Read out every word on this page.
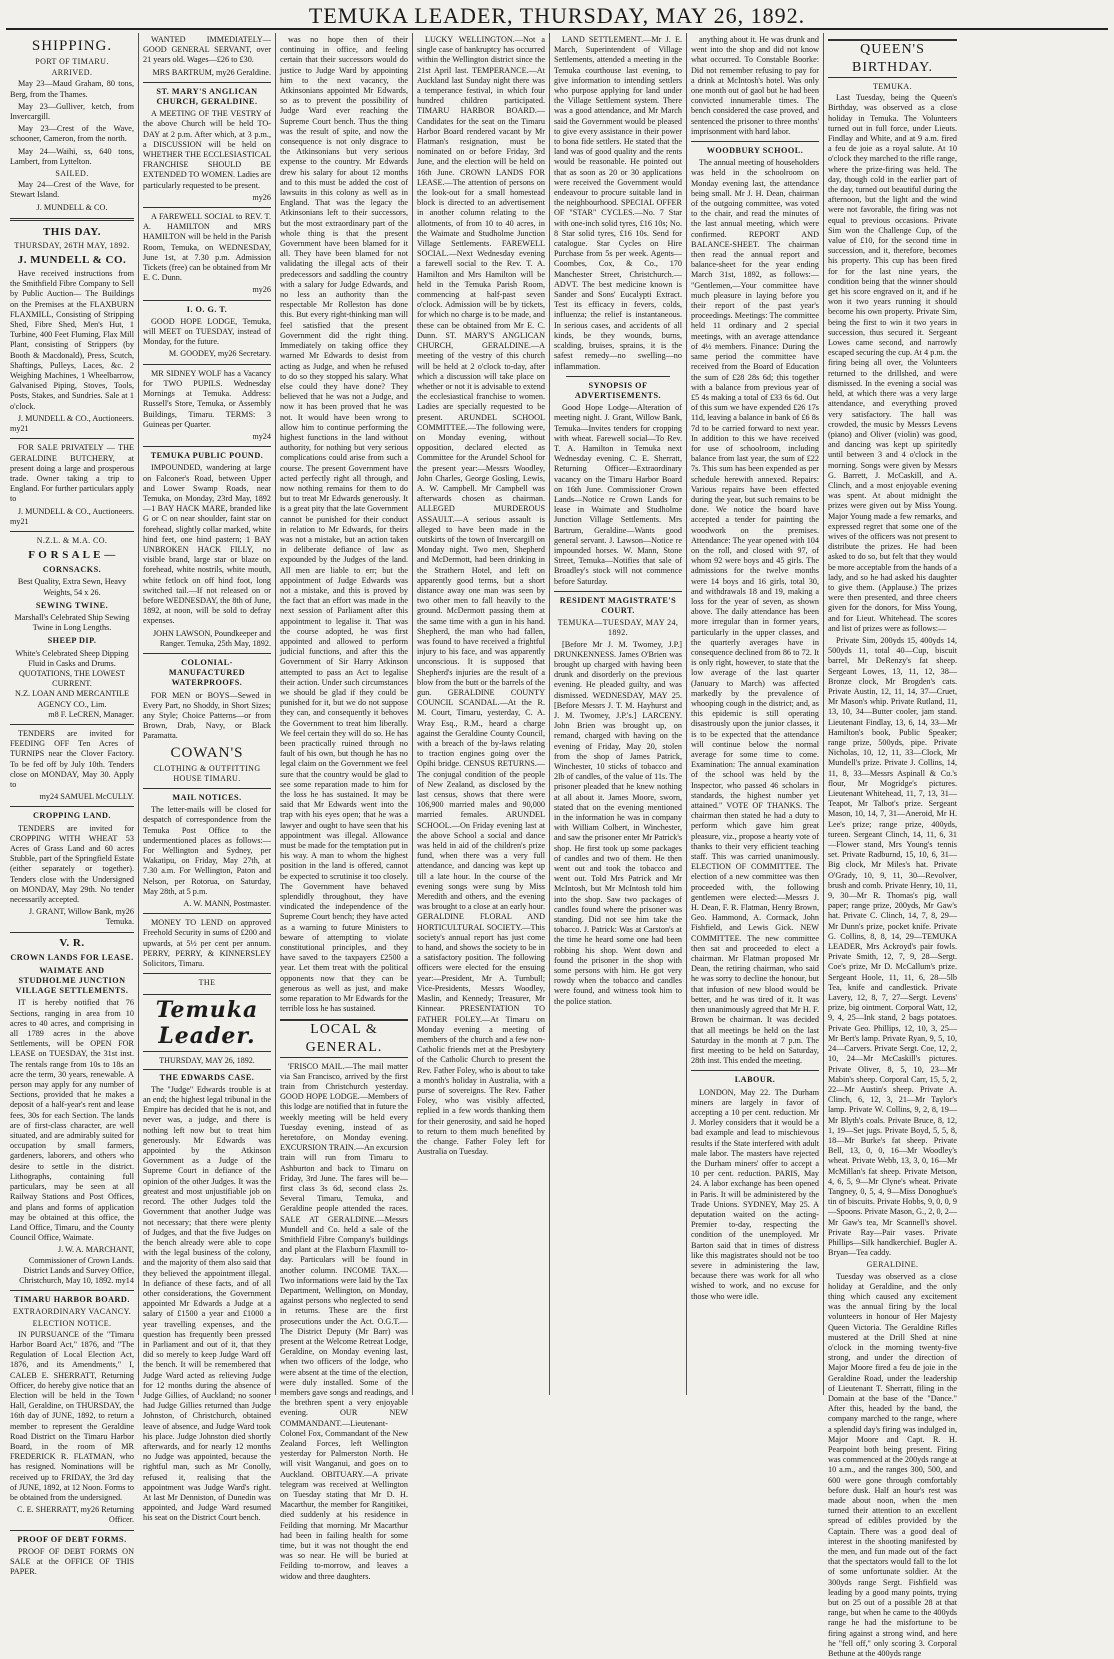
TEMUKA LEADER, THURSDAY, MAY 26, 1892.
SHIPPING.
PORT OF TIMARU.
ARRIVED.
May 23—Maud Graham, 80 tons, Berg, from the Thames.
May 23—Gulliver, ketch, from Invercargill.
May 23—Crest of the Wave, schooner, Cameron, from the north.
May 24—Waihi, ss, 640 tons, Lambert, from Lyttelton.
SAILED.
May 24—Crest of the Wave, for Stewart Island.
J. MUNDELL & CO.
THIS DAY.
THURSDAY, 26TH MAY, 1892.
J. MUNDELL & CO.
Have received instructions from the Smithfield Fibre Company to Sell by Public Auction— The Buildings on the Premises at the FLAXBURN FLAXMILL, Consisting of Stripping Shed, Fibre Shed, Men's Hut, 1 Turbine, 400 Feet Fluming, Flax Mill Plant, consisting of Strippers (by Booth & Macdonald), Press, Scutch, Shaftings, Pulleys, Laces, &c. 2 Weighing Machines, 1 Wheelbarrow, Galvanised Piping, Stoves, Tools, Posts, Stakes, and Sundries. Sale at 1 o'clock.
J. MUNDELL & CO., Auctioneers.
my21
FOR SALE PRIVATELY — THE GERALDINE BUTCHERY, at present doing a large and prosperous trade. Owner taking a trip to England. For further particulars apply to
J. MUNDELL & CO., Auctioneers.
my21
N.Z.L. & M.A. CO.
F O R S A L E —
CORNSACKS.
Best Quality, Extra Sewn, Heavy Weights, 54 x 26.
SEWING TWINE.
Marshall's Celebrated Ship Sewing Twine in Long Lengths.
SHEEP DIP.
White's Celebrated Sheep Dipping Fluid in Casks and Drums.
QUOTATIONS, THE LOWEST CURRENT.
N.Z. LOAN AND MERCANTILE AGENCY CO., Lim.
m8 F. LeCREN, Manager.
TENDERS are invited for FEEDING OFF Ten Acres of TURNIPS near the Clover Factory. To be fed off by July 10th. Tenders close on MONDAY, May 30. Apply to
my24 SAMUEL McCULLY.
CROPPING LAND.
TENDERS are invited for CROPPING WITH WHEAT 53 Acres of Grass Land and 60 acres Stubble, part of the Springfield Estate (either separately or together). Tenders close with the Undersigned on MONDAY, May 29th. No tender necessarily accepted.
J. GRANT, Willow Bank, my26 Temuka.
V. R.
CROWN LANDS FOR LEASE.
WAIMATE AND STUDHOLME JUNCTION VILLAGE SETTLEMENTS.
IT is hereby notified that 76 Sections, ranging in area from 10 acres to 40 acres, and comprising in all 1789 acres in the above Settlements, will be OPEN FOR LEASE on TUESDAY, the 31st inst. The rentals range from 10s to 18s an acre the term, 30 years, renewable. A person may apply for any number of Sections, provided that he makes a deposit of a half-year's rent and lease fees, 30s for each Section. The lands are of first-class character, are well situated, and are admirably suited for occupation by small farmers, gardeners, laborers, and others who desire to settle in the district. Lithographs, containing full particulars, may be seen at all Railway Stations and Post Offices, and plans and forms of application may be obtained at this office, the Land Office, Timaru, and the County Council Office, Waimate.
J. W. A. MARCHANT, Commissioner of Crown Lands. District Lands and Survey Office, Christchurch, May 10, 1892. my14
TIMARU HARBOR BOARD.
EXTRAORDINARY VACANCY.
ELECTION NOTICE.
IN PURSUANCE of the "Timaru Harbor Board Act," 1876, and "The Regulation of Local Election Act, 1876, and its Amendments," I, CALEB E. SHERRATT, Returning Officer, do hereby give notice that an Election will be held in the Town Hall, Geraldine, on THURSDAY, the 16th day of JUNE, 1892, to return a member to represent the Geraldine Road District on the Timaru Harbor Board, in the room of MR FREDERICK R. FLATMAN, who has resigned. Nominations will be received up to FRIDAY, the 3rd day of JUNE, 1892, at 12 Noon. Forms to be obtained from the undersigned.
C. E. SHERRATT, my26 Returning Officer.
PROOF OF DEBT FORMS.
PROOF OF DEBT FORMS ON SALE at the OFFICE OF THIS PAPER.
WANTED IMMEDIATELY—GOOD GENERAL SERVANT, over 21 years old. Wages—£26 to £30.
MRS BARTRUM, my26 Geraldine.
ST. MARY'S ANGLICAN CHURCH, GERALDINE.
A MEETING OF THE VESTRY of the above Church will be held TO-DAY at 2 p.m. After which, at 3 p.m., a DISCUSSION will be held on WHETHER THE ECCLESIASTICAL FRANCHISE SHOULD BE EXTENDED TO WOMEN. Ladies are particularly requested to be present.
my26
A FAREWELL SOCIAL to REV. T. A. HAMILTON and MRS HAMILTON will be held in the Parish Room, Temuka, on WEDNESDAY, June 1st, at 7.30 p.m. Admission Tickets (free) can be obtained from Mr E. C. Dunn.
my26
I. O. G. T.
GOOD HOPE LODGE, Temuka, will MEET on TUESDAY, instead of Monday, for the future.
M. GOODEY, my26 Secretary.
MR SIDNEY WOLF has a Vacancy for TWO PUPILS. Wednesday Mornings at Temuka. Address: Russell's Store, Temuka, or Assembly Buildings, Timaru. TERMS: 3 Guineas per Quarter.
my24
TEMUKA PUBLIC POUND.
IMPOUNDED, wandering at large on Falconer's Road, between Upper and Lower Swamp Roads, near Temuka, on Monday, 23rd May, 1892—1 BAY HACK MARE, branded like G or C on near shoulder, faint star on forehead, slightly collar marked, white hind feet, one hind pastern; 1 BAY UNBROKEN HACK FILLY, no visible brand, large star or blaze on forehead, white nostrils, white mouth, white fetlock on off hind foot, long switched tail.—If not released on or before WEDNESDAY, the 8th of June, 1892, at noon, will be sold to defray expenses.
JOHN LAWSON, Poundkeeper and Ranger. Temuka, 25th May, 1892.
COLONIAL-MANUFACTURED WATERPROOFS.
FOR MEN or BOYS—Sewed in Every Part, no Shoddy, in Short Sizes; any Style; Choice Patterns—or from Brown, Drab, Navy, or Black Paramatta.
COWAN'S
CLOTHING & OUTFITTING HOUSE TIMARU.
MAIL NOTICES.
The letter-mails will be closed for despatch of correspondence from the Temuka Post Office to the undermentioned places as follows:— For Wellington and Sydney, per Wakatipu, on Friday, May 27th, at 7.30 a.m. For Wellington, Paton and Nelson, per Rotorua, on Saturday, May 28th, at 5 p.m.
A. W. MANN, Postmaster.
MONEY TO LEND on approved Freehold Security in sums of £200 and upwards, at 5½ per cent per annum. PERRY, PERRY, & KINNERSLEY Solicitors, Timaru.
THE
Temuka Leader.
THURSDAY, MAY 26, 1892.
THE EDWARDS CASE.
The "Judge" Edwards trouble is at an end; the highest legal tribunal in the Empire has decided that he is not, and never was, a judge, and there is nothing left now but to treat him generously. Mr Edwards was appointed by the Atkinson Government as a Judge of the Supreme Court in defiance of the opinion of the other Judges. It was the greatest and most unjustifiable job on record. The other Judges told the Government that another Judge was not necessary; that there were plenty of Judges, and that the five Judges on the bench already were able to cope with the legal business of the colony, and the majority of them also said that they believed the appointment illegal. In defiance of these facts, and of all other considerations, the Government appointed Mr Edwards a Judge at a salary of £1500 a year and £1000 a year travelling expenses, and the question has frequently been pressed in Parliament and out of it, that they did so merely to keep Judge Ward off the bench. It will be remembered that Judge Ward acted as relieving Judge for 12 months during the absence of Judge Gillies, of Auckland; no sooner had Judge Gillies returned than Judge Johnston, of Christchurch, obtained leave of absence, and Judge Ward took his place. Judge Johnston died shortly afterwards, and for nearly 12 months no Judge was appointed, because the rightful man, such as Mr Conolly, refused it, realising that the appointment was Judge Ward's right. At last Mr Denniston, of Dunedin was appointed, and Judge Ward resumed his seat on the District Court bench.
was no hope then of their continuing in office, and feeling certain that their successors would do justice to Judge Ward by appointing him to the next vacancy, the Atkinsonians appointed Mr Edwards, so as to prevent the possibility of Judge Ward ever reaching the Supreme Court bench. Thus the thing was the result of spite, and now the consequence is not only disgrace to the Atkinsonians but very serious expense to the country. Mr Edwards drew his salary for about 12 months and to this must be added the cost of lawsuits in this colony as well as in England. That was the legacy the Atkinsonians left to their successors, but the most extraordinary part of the whole thing is that the present Government have been blamed for it all. They have been blamed for not validating the illegal acts of their predecessors and saddling the country with a salary for Judge Edwards, and no less an authority than the respectable Mr Rolleston has done this. But every right-thinking man will feel satisfied that the present Government did the right thing. Immediately on taking office they warned Mr Edwards to desist from acting as Judge, and when he refused to do so they stopped his salary. What else could they have done? They believed that he was not a Judge, and now it has been proved that he was not. It would have been wrong to allow him to continue performing the highest functions in the land without authority, for nothing but very serious complications could arise from such a course. The present Government have acted perfectly right all through, and now nothing remains for them to do but to treat Mr Edwards generously. It is a great pity that the late Government cannot be punished for their conduct in relation to Mr Edwards, for theirs was not a mistake, but an action taken in deliberate defiance of law as expounded by the Judges of the land. All men are liable to err; but the appointment of Judge Edwards was not a mistake, and this is proved by the fact that an effort was made in the next session of Parliament after this appointment to legalise it. That was the course adopted, he was first appointed and allowed to perform judicial functions, and after this the Government of Sir Harry Atkinson attempted to pass an Act to legalise their action. Under such circumstances we should be glad if they could be punished for it, but we do not suppose they can, and consequently it behoves the Government to treat him liberally. We feel certain they will do so. He has been practically ruined through no fault of his own, but though he has no legal claim on the Government we feel sure that the country would be glad to see some reparation made to him for the loss he has sustained. It may be said that Mr Edwards went into the trap with his eyes open; that he was a lawyer and ought to have seen that his appointment was illegal. Allowance must be made for the temptation put in his way. A man to whom the highest position in the land is offered, cannot be expected to scrutinise it too closely. The Government have behaved splendidly throughout, they have vindicated the independence of the Supreme Court bench; they have acted as a warning to future Ministers to beware of attempting to violate constitutional principles, and they have saved to the taxpayers £2500 a year. Let them treat with the political opponents now that they can be generous as well as just, and make some reparation to Mr Edwards for the terrible loss he has sustained.
LOCAL & GENERAL.
'FRISCO MAIL.—The mail matter via San Francisco, arrived by the first train from Christchurch yesterday. GOOD HOPE LODGE.—Members of this lodge are notified that in future the weekly meeting will be held every Tuesday evening, instead of as heretofore, on Monday evening. EXCURSION TRAIN.—An excursion train will run from Timaru to Ashburton and back to Timaru on Friday, 3rd June. The fares will be—first class 3s 6d, second class 2s. Several Timaru, Temuka, and Geraldine people attended the races. SALE AT GERALDINE.—Messrs Mundell and Co. held a sale of the Smithfield Fibre Company's buildings and plant at the Flaxburn Flaxmill to-day. Particulars will be found in another column. INCOME TAX.—Two informations were laid by the Tax Department, Wellington, on Monday, against persons who neglected to send in returns. These are the first prosecutions under the Act. O.G.T.—The District Deputy (Mr Barr) was present at the Welcome Retreat Lodge, Geraldine, on Monday evening last, when two officers of the lodge, who were absent at the time of the election, were duly installed. Some of the members gave songs and readings, and the brethren spent a very enjoyable evening. OUR NEW COMMANDANT.—Lieutenant-Colonel Fox, Commandant of the New Zealand Forces, left Wellington yesterday for Palmerston North. He will visit Wanganui, and goes on to Auckland. OBITUARY.—A private telegram was received at Wellington on Tuesday stating that Mr D. H. Macarthur, the member for Rangitikei, died suddenly at his residence in Feilding that morning. Mr Macarthur had been in failing health for some time, but it was not thought the end was so near. He will be buried at Feilding to-morrow, and leaves a widow and three daughters.
LUCKY WELLINGTON.—Not a single case of bankruptcy has occurred within the Wellington district since the 21st April last. TEMPERANCE.—At Auckland last Sunday night there was a temperance festival, in which four hundred children participated. TIMARU HARBOR BOARD.—Candidates for the seat on the Timaru Harbor Board rendered vacant by Mr Flatman's resignation, must be nominated on or before Friday, 3rd June, and the election will be held on 16th June. CROWN LANDS FOR LEASE.—The attention of persons on the look-out for a small homestead block is directed to an advertisement in another column relating to the allotments, of from 10 to 40 acres, in the Waimate and Studholme Junction Village Settlements. FAREWELL SOCIAL.—Next Wednesday evening a farewell social to the Rev. T. A. Hamilton and Mrs Hamilton will be held in the Temuka Parish Room, commencing at half-past seven o'clock. Admission will be by tickets, for which no charge is to be made, and these can be obtained from Mr E. C. Dunn. ST. MARY'S ANGLICAN CHURCH, GERALDINE.—A meeting of the vestry of this church will be held at 2 o'clock to-day, after which a discussion will take place on whether or not it is advisable to extend the ecclesiastical franchise to women. Ladies are specially requested to be present. ARUNDEL SCHOOL COMMITTEE.—The following were, on Monday evening, without opposition, declared elected as Committee for the Arundel School for the present year:—Messrs Woodley, John Charles, George Gosling, Lewis, A. W. Campbell. Mr Campbell was afterwards chosen as chairman. ALLEGED MURDEROUS ASSAULT.—A serious assault is alleged to have been made in the outskirts of the town of Invercargill on Monday night. Two men, Shepherd and McDermott, had been drinking in the Strathern Hotel, and left on apparently good terms, but a short distance away one man was seen by two other men to fall heavily to the ground. McDermott passing them at the same time with a gun in his hand. Shepherd, the man who had fallen, was found to have received a frightful injury to his face, and was apparently unconscious. It is supposed that Shepherd's injuries are the result of a blow from the butt or the barrels of the gun. GERALDINE COUNTY COUNCIL SCANDAL.—At the R. M. Court, Timaru, yesterday, C. A. Wray Esq., R.M., heard a charge against the Geraldine County Council, with a breach of the by-laws relating to traction engines going over the Opihi bridge. CENSUS RETURNS.—The conjugal condition of the people of New Zealand, as disclosed by the last census, shows that there were 106,900 married males and 90,000 married females. ARUNDEL SCHOOL.—On Friday evening last at the above School a social and dance was held in aid of the children's prize fund, when there was a very full attendance, and dancing was kept up till a late hour. In the course of the evening songs were sung by Miss Meredith and others, and the evening was brought to a close at an early hour. GERALDINE FLORAL AND HORTICULTURAL SOCIETY.—This society's annual report has just come to hand, and shows the society to be in a satisfactory position. The following officers were elected for the ensuing year:—President, Mr A. Turnbull; Vice-Presidents, Messrs Woodley, Maslin, and Kennedy; Treasurer, Mr Kinnear. PRESENTATION TO FATHER FOLEY.—At Timaru on Monday evening a meeting of members of the church and a few non-Catholic friends met at the Presbytery of the Catholic Church to present the Rev. Father Foley, who is about to take a month's holiday in Australia, with a purse of sovereigns. The Rev. Father Foley, who was visibly affected, replied in a few words thanking them for their generosity, and said he hoped to return to them much benefited by the change. Father Foley left for Australia on Tuesday.
LAND SETTLEMENT.—Mr J. E. March, Superintendent of Village Settlements, attended a meeting in the Temuka courthouse last evening, to give information to intending settlers who purpose applying for land under the Village Settlement system. There was a good attendance, and Mr March said the Government would be pleased to give every assistance in their power to bona fide settlers. He stated that the land was of good quality and the rents would be reasonable. He pointed out that as soon as 20 or 30 applications were received the Government would endeavour to procure suitable land in the neighbourhood. SPECIAL OFFER OF "STAR" CYCLES.—No. 7 Star with one-inch solid tyres, £16 10s; No. 8 Star solid tyres, £16 10s. Send for catalogue. Star Cycles on Hire Purchase from 5s per week. Agents—Coombes, Cox, & Co., 170 Manchester Street, Christchurch.—ADVT. The best medicine known is Sander and Sons' Eucalypti Extract. Test its efficacy in fevers, colds, influenza; the relief is instantaneous. In serious cases, and accidents of all kinds, be they wounds, burns, scalding, bruises, sprains, it is the safest remedy—no swelling—no inflammation.
SYNOPSIS OF ADVERTISEMENTS.
Good Hope Lodge—Alteration of meeting night. J. Grant, Willow Bank, Temuka—Invites tenders for cropping with wheat. Farewell social—To Rev. T. A. Hamilton in Temuka next Wednesday evening. C. E. Sherratt, Returning Officer—Extraordinary vacancy on the Timaru Harbor Board on 16th June. Commissioner Crown Lands—Notice re Crown Lands for lease in Waimate and Studholme Junction Village Settlements. Mrs Bartrum, Geraldine—Wants good general servant. J. Lawson—Notice re impounded horses. W. Mann, Stone Street, Temuka—Notifies that sale of Broadley's stock will not commence before Saturday.
RESIDENT MAGISTRATE'S COURT.
TEMUKA—TUESDAY, MAY 24, 1892.
[Before Mr J. M. Twomey, J.P.] DRUNKENNESS. James O'Brien was brought up charged with having been drunk and disorderly on the previous evening. He pleaded guilty, and was dismissed. WEDNESDAY, MAY 25. [Before Messrs J. T. M. Hayhurst and J. M. Twomey, J.P.'s.] LARCENY. John Brien was brought up, on remand, charged with having on the evening of Friday, May 20, stolen from the shop of James Patrick, Winchester, 10 sticks of tobacco and 2lb of candles, of the value of 11s. The prisoner pleaded that he knew nothing at all about it. James Moore, sworn, stated that on the evening mentioned in the information he was in company with William Colbert, in Winchester, and saw the prisoner enter Mr Patrick's shop. He first took up some packages of candles and two of them. He then went out and took the tobacco and went out. Told Mrs Patrick and Mr McIntosh, but Mr McIntosh told him into the shop. Saw two packages of candles found where the prisoner was standing. Did not see him take the tobacco. J. Patrick: Was at Carston's at the time he heard some one had been robbing his shop. Went down and found the prisoner in the shop with some persons with him. He got very rowdy when the tobacco and candles were found, and witness took him to the police station.
anything about it. He was drunk and went into the shop and did not know what occurred. To Constable Boorke: Did not remember refusing to pay for a drink at McIntosh's hotel. Was only one month out of gaol but he had been convicted innumerable times. The bench considered the case proved, and sentenced the prisoner to three months' imprisonment with hard labor.
WOODBURY SCHOOL.
The annual meeting of householders was held in the schoolroom on Monday evening last, the attendance being small. Mr J. H. Dean, chairman of the outgoing committee, was voted to the chair, and read the minutes of the last annual meeting, which were confirmed. REPORT AND BALANCE-SHEET. The chairman then read the annual report and balance-sheet for the year ending March 31st, 1892, as follows:— "Gentlemen,—Your committee have much pleasure in laying before you their report of the past year's proceedings. Meetings: The committee held 11 ordinary and 2 special meetings, with an average attendance of 4½ members. Finance: During the same period the committee have received from the Board of Education the sum of £28 28s 6d; this together with a balance from previous year of £5 4s making a total of £33 6s 6d. Out of this sum we have expended £26 17s 11d, leaving a balance in bank of £6 8s 7d to be carried forward to next year. In addition to this we have received for use of schoolroom, including balance from last year, the sum of £22 7s. This sum has been expended as per schedule herewith annexed. Repairs: Various repairs have been effected during the year, but such remains to be done. We notice the board have accepted a tender for painting the woodwork on the premises. Attendance: The year opened with 104 on the roll, and closed with 97, of whom 92 were boys and 45 girls. The admissions for the twelve months were 14 boys and 16 girls, total 30, and withdrawals 18 and 19, making a loss for the year of seven, as shown above. The daily attendance has been more irregular than in former years, particularly in the upper classes, and the quarterly averages have in consequence declined from 86 to 72. It is only right, however, to state that the low average of the last quarter (January to March) was affected markedly by the prevalence of whooping cough in the district; and, as this epidemic is still operating disastrously upon the junior classes, it is to be expected that the attendance will continue below the normal average for some time to come. Examination: The annual examination of the school was held by the Inspector, who passed 46 scholars in standards, the highest number yet attained." VOTE OF THANKS. The chairman then stated he had a duty to perform which gave him great pleasure, viz., propose a hearty vote of thanks to their very efficient teaching staff. This was carried unanimously. ELECTION OF COMMITTEE. The election of a new committee was then proceeded with, the following gentlemen were elected:—Messrs J. H. Dean, F. R. Flatman, Henry Brown, Geo. Hammond, A. Cormack, John Fishfield, and Lewis Gick. NEW COMMITTEE. The new committee then sat and proceeded to elect a chairman. Mr Flatman proposed Mr Dean, the retiring chairman, who said he was sorry to decline the honour, but that infusion of new blood would be better, and he was tired of it. It was then unanimously agreed that Mr H. F. Brown be chairman. It was decided that all meetings be held on the last Saturday in the month at 7 p.m. The first meeting to be held on Saturday, 28th inst. This ended the meeting.
LABOUR.
LONDON, May 22. The Durham miners are largely in favor of accepting a 10 per cent. reduction. Mr J. Morley considers that it would be a bad example and lead to mischievous results if the State interfered with adult male labor. The masters have rejected the Durham miners' offer to accept a 10 per cent. reduction. PARIS, May 24. A labor exchange has been opened in Paris. It will be administered by the Trade Unions. SYDNEY, May 25. A deputation waited on the acting-Premier to-day, respecting the condition of the unemployed. Mr Barton said that in times of distress like this magistrates should not be too severe in administering the law, because there was work for all who wished to work, and no excuse for those who were idle.
QUEEN'S BIRTHDAY.
TEMUKA.
Last Tuesday, being the Queen's Birthday, was observed as a close holiday in Temuka. The Volunteers turned out in full force, under Lieuts. Findlay and White, and at 9 a.m. fired a feu de joie as a royal salute. At 10 o'clock they marched to the rifle range, where the prize-firing was held. The day, though cold in the earlier part of the day, turned out beautiful during the afternoon, but the light and the wind were not favorable, the firing was not equal to previous occasions. Private Sim won the Challenge Cup, of the value of £10, for the second time in succession, and it, therefore, becomes his property. This cup has been fired for for the last nine years, the condition being that the winner should get his score engraved on it, and if he won it two years running it should become his own property. Private Sim, being the first to win it two years in succession, thus secured it. Sergeant Lowes came second, and narrowly escaped securing the cup. At 4 p.m. the firing being all over, the Volunteers returned to the drillshed, and were dismissed. In the evening a social was held, at which there was a very large attendance, and everything proved very satisfactory. The hall was crowded, the music by Messrs Levens (piano) and Oliver (violin) was good, and dancing was kept up spiritedly until between 3 and 4 o'clock in the morning. Songs were given by Messrs G. Barrett, J. McCaskill, and A. Clinch, and a most enjoyable evening was spent. At about midnight the prizes were given out by Miss Young. Major Young made a few remarks, and expressed regret that some one of the wives of the officers was not present to distribute the prizes. He had been asked to do so, but felt that they would be more acceptable from the hands of a lady, and so he had asked his daughter to give them. (Applause.) The prizes were then presented, and three cheers given for the donors, for Miss Young, and for Lieut. Whitehead. The scores and list of prizes were as follows:—
Private Sim, 200yds 15, 400yds 14, 500yds 11, total 40—Cup, biscuit barrel, Mr DeRenzy's fat sheep. Sergeant Lowes, 13, 11, 12, 38—Bronze clock, Mr Brogden's cats. Private Austin, 12, 11, 14, 37—Cruet, Mr Mason's whip. Private Rutland, 11, 13, 10, 34—Butter cooler, jam stand. Lieutenant Findlay, 13, 6, 14, 33—Mr Hamilton's book, Public Speaker; range prize, 500yds, pipe. Private Nicholas, 10, 12, 11, 33—Clock, Mr Mundell's prize. Private J. Collins, 14, 11, 8, 33—Messrs Aspinall & Co.'s flour, Mr Mogridge's pictures. Lieutenant Whitehead, 11, 7, 13, 31—Teapot, Mr Talbot's prize. Sergeant Mason, 10, 14, 7, 31—Aneroid, Mr H. Lee's prize; range prize, 400yds, tureen. Sergeant Clinch, 14, 11, 6, 31—Flower stand, Mrs Young's tennis set. Private Radburnd, 15, 10, 6, 31—Big clock, Mr Miles's hat. Private O'Grady, 10, 9, 11, 30—Revolver, brush and comb. Private Henry, 10, 11, 9, 30—Mr R. Thomas's pig, wall paper; range prize, 200yds, Mr Gaw's hat. Private C. Clinch, 14, 7, 8, 29—Mr Dunn's prize, pocket knife. Private G. Collins, 8, 8, 14, 29—TEMUKA LEADER, Mrs Ackroyd's pair fowls. Private Smith, 12, 7, 9, 28—Sergt. Coe's prize, Mr D. McCallum's prize. Sergeant Hoole, 11, 11, 6, 28—5lb Tea, knife and candlestick. Private Lavery, 12, 8, 7, 27—Sergt. Levens' prize, big ointment. Corporal Watt, 12, 9, 4, 25—Ink stand, 2 bags potatoes. Private Geo. Phillips, 12, 10, 3, 25—Mr Bert's lamp. Private Ryan, 9, 5, 10, 24—Carvers. Private Sergt. Coe, 12, 2, 10, 24—Mr McCaskill's pictures. Private Oliver, 8, 5, 10, 23—Mr Mabin's sheep. Corporal Carr, 15, 5, 2, 22—Mr Austin's sheep. Private A. Clinch, 6, 12, 3, 21—Mr Taylor's lamp. Private W. Collins, 9, 2, 8, 19—Mr Blyth's coals. Private Bruce, 8, 12, 1, 19—Set jugs. Private Boyd, 5, 5, 8, 18—Mr Burke's fat sheep. Private Bell, 13, 0, 0, 16—Mr Woodley's wheat. Private Webb, 13, 3, 0, 16—Mr McMillan's fat sheep. Private Metson, 4, 6, 5, 9—Mr Clyne's wheat. Private Tangney, 0, 5, 4, 9—Miss Donoghue's tin of biscuits. Private Hobbs, 9, 0, 0, 9—Spoons. Private Mason, G., 2, 0, 2—Mr Gaw's tea, Mr Scannell's shovel. Private Ray—Pair vases. Private Phillips—Silk handkerchief. Bugler A. Bryan—Tea caddy.
GERALDINE.
Tuesday was observed as a close holiday at Geraldine, and the only thing which caused any excitement was the annual firing by the local volunteers in honour of Her Majesty Queen Victoria. The Geraldine Rifles mustered at the Drill Shed at nine o'clock in the morning twenty-five strong, and under the direction of Major Moore fired a feu de joie in the Geraldine Road, under the leadership of Lieutenant T. Sherratt, filing in the Domain at the base of the "Dance." After this, headed by the band, the company marched to the range, where a splendid day's firing was indulged in, Major Moore and Capt. R. H. Pearpoint both being present. Firing was commenced at the 200yds range at 10 a.m., and the ranges 300, 500, and 600 were gone through comfortably before dusk. Half an hour's rest was made about noon, when the men turned their attention to an excellent spread of edibles provided by the Captain. There was a good deal of interest in the shooting manifested by the men, and fun made out of the fact that the spectators would fall to the lot of some unfortunate soldier. At the 300yds range Sergt. Fishfield was leading by a good many points, trying but on 25 out of a possible 28 at that range, but when he came to the 400yds range he had the misfortune to be firing against a strong wind, and here he "fell off," only scoring 3. Corporal Bethune at the 400yds range
